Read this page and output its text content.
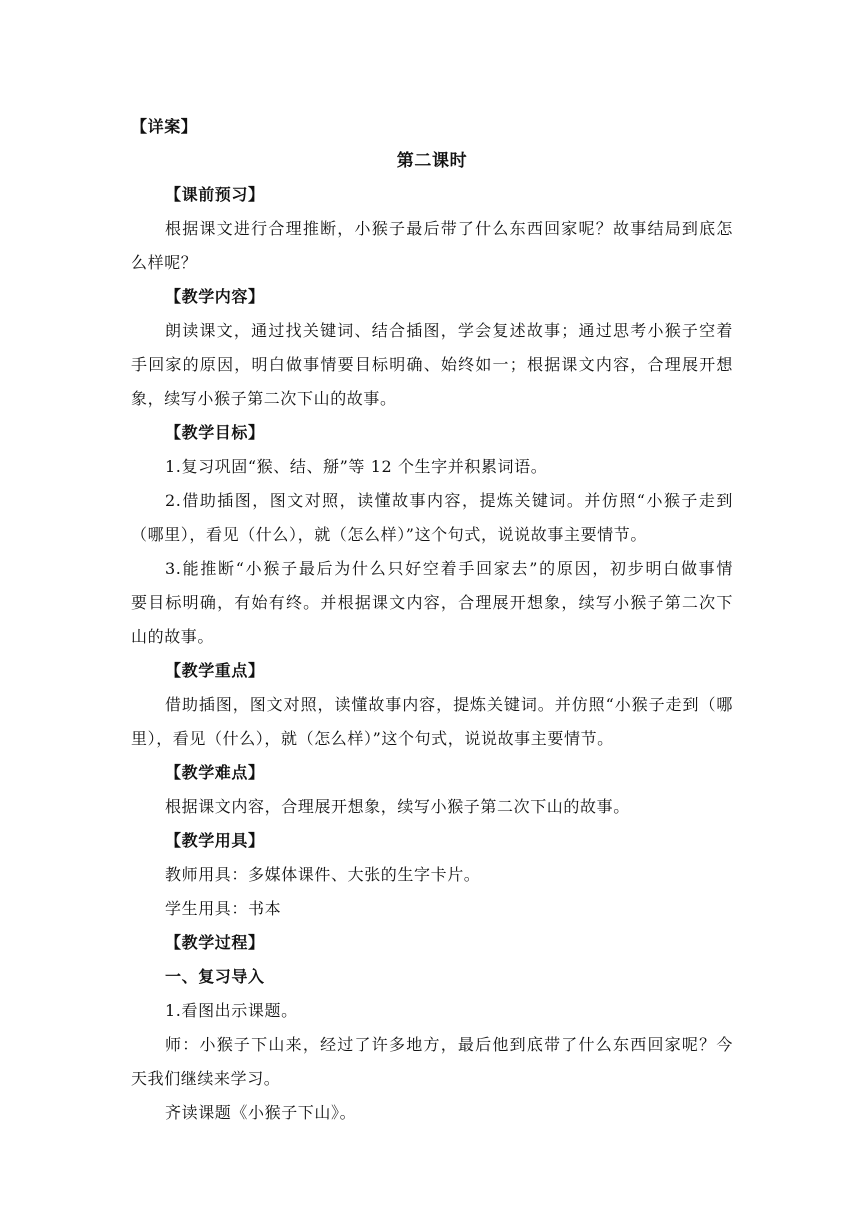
【详案】
第二课时
【课前预习】
根据课文进行合理推断，小猴子最后带了什么东西回家呢？故事结局到底怎
么样呢？
【教学内容】
朗读课文，通过找关键词、结合插图，学会复述故事；通过思考小猴子空着
手回家的原因，明白做事情要目标明确、始终如一；根据课文内容，合理展开想
象，续写小猴子第二次下山的故事。
【教学目标】
1.复习巩固“猴、结、掰”等 12 个生字并积累词语。
2.借助插图，图文对照，读懂故事内容，提炼关键词。并仿照“小猴子走到
（哪里），看见（什么），就（怎么样）”这个句式，说说故事主要情节。
3.能推断“小猴子最后为什么只好空着手回家去”的原因，初步明白做事情
要目标明确，有始有终。并根据课文内容，合理展开想象，续写小猴子第二次下
山的故事。
【教学重点】
借助插图，图文对照，读懂故事内容，提炼关键词。并仿照“小猴子走到（哪
里），看见（什么），就（怎么样）”这个句式，说说故事主要情节。
【教学难点】
根据课文内容，合理展开想象，续写小猴子第二次下山的故事。
【教学用具】
教师用具：多媒体课件、大张的生字卡片。
学生用具：书本
【教学过程】
一、复习导入
1.看图出示课题。
师：小猴子下山来，经过了许多地方，最后他到底带了什么东西回家呢？今
天我们继续来学习。
齐读课题《小猴子下山》。
